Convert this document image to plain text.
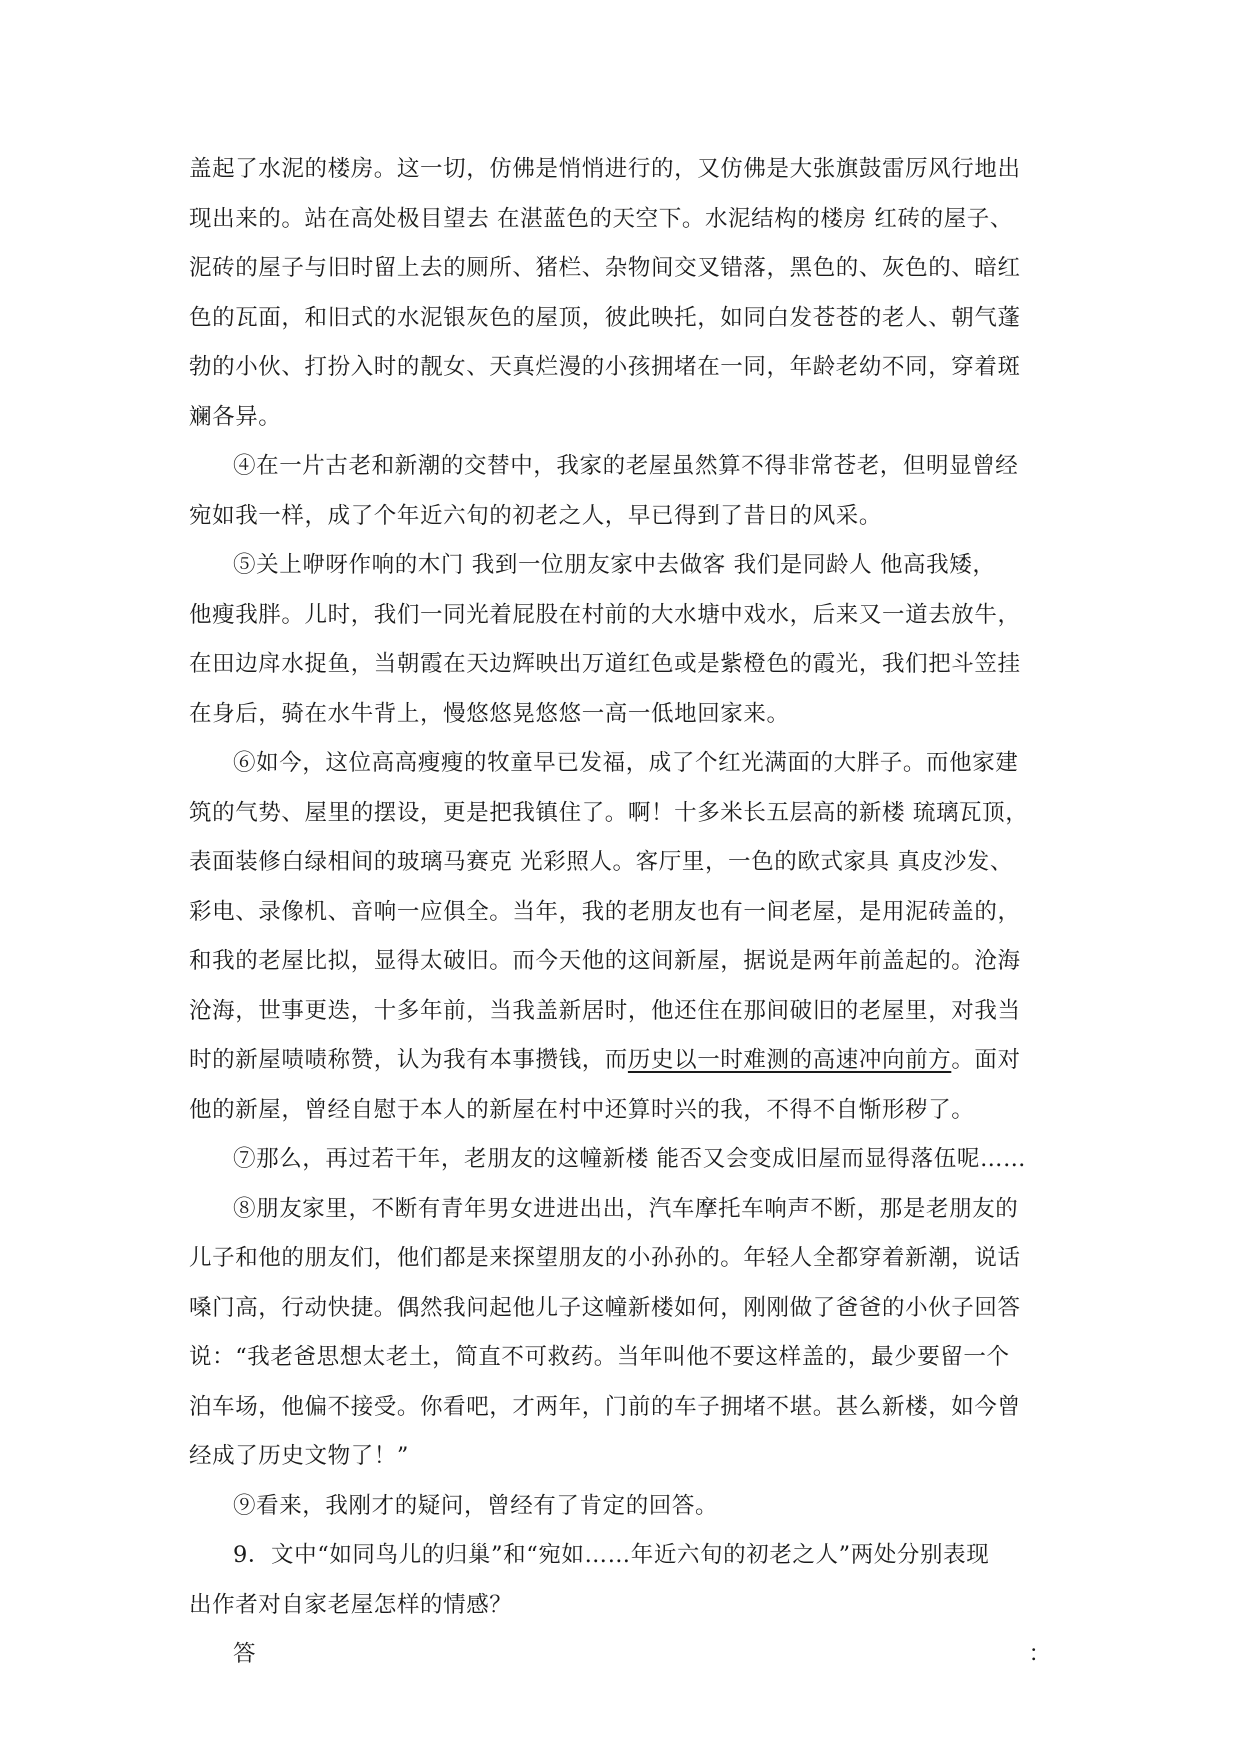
盖起了水泥的楼房。这一切，仿佛是悄悄进行的，又仿佛是大张旗鼓雷厉风行地出
现出来的。站在高处极目望去 在湛蓝色的天空下。水泥结构的楼房 红砖的屋子、
泥砖的屋子与旧时留上去的厕所、猪栏、杂物间交叉错落，黑色的、灰色的、暗红
色的瓦面，和旧式的水泥银灰色的屋顶，彼此映托，如同白发苍苍的老人、朝气蓬
勃的小伙、打扮入时的靓女、天真烂漫的小孩拥堵在一同，年龄老幼不同，穿着斑
斓各异。
④在一片古老和新潮的交替中，我家的老屋虽然算不得非常苍老，但明显曾经
宛如我一样，成了个年近六旬的初老之人，早已得到了昔日的风采。
⑤关上咿呀作响的木门 我到一位朋友家中去做客 我们是同龄人 他高我矮，
他瘦我胖。儿时，我们一同光着屁股在村前的大水塘中戏水，后来又一道去放牛，
在田边戽水捉鱼，当朝霞在天边辉映出万道红色或是紫橙色的霞光，我们把斗笠挂
在身后，骑在水牛背上，慢悠悠晃悠悠一高一低地回家来。
⑥如今，这位高高瘦瘦的牧童早已发福，成了个红光满面的大胖子。而他家建
筑的气势、屋里的摆设，更是把我镇住了。啊！十多米长五层高的新楼 琉璃瓦顶，
表面装修白绿相间的玻璃马赛克 光彩照人。客厅里，一色的欧式家具 真皮沙发、
彩电、录像机、音响一应俱全。当年，我的老朋友也有一间老屋，是用泥砖盖的，
和我的老屋比拟，显得太破旧。而今天他的这间新屋，据说是两年前盖起的。沧海
沧海，世事更迭，十多年前，当我盖新居时，他还住在那间破旧的老屋里，对我当
时的新屋啧啧称赞，认为我有本事攒钱，而历史以一时难测的高速冲向前方。面对
他的新屋，曾经自慰于本人的新屋在村中还算时兴的我，不得不自惭形秽了。
⑦那么，再过若干年，老朋友的这幢新楼 能否又会变成旧屋而显得落伍呢……
⑧朋友家里，不断有青年男女进进出出，汽车摩托车响声不断，那是老朋友的
儿子和他的朋友们，他们都是来探望朋友的小孙孙的。年轻人全都穿着新潮，说话
嗓门高，行动快捷。偶然我问起他儿子这幢新楼如何，刚刚做了爸爸的小伙子回答
说：“我老爸思想太老土，简直不可救药。当年叫他不要这样盖的，最少要留一个
泊车场，他偏不接受。你看吧，才两年，门前的车子拥堵不堪。甚么新楼，如今曾
经成了历史文物了！”
⑨看来，我刚才的疑问，曾经有了肯定的回答。
9．文中“如同鸟儿的归巢”和“宛如……年近六旬的初老之人”两处分别表现
出作者对自家老屋怎样的情感？
答	：
